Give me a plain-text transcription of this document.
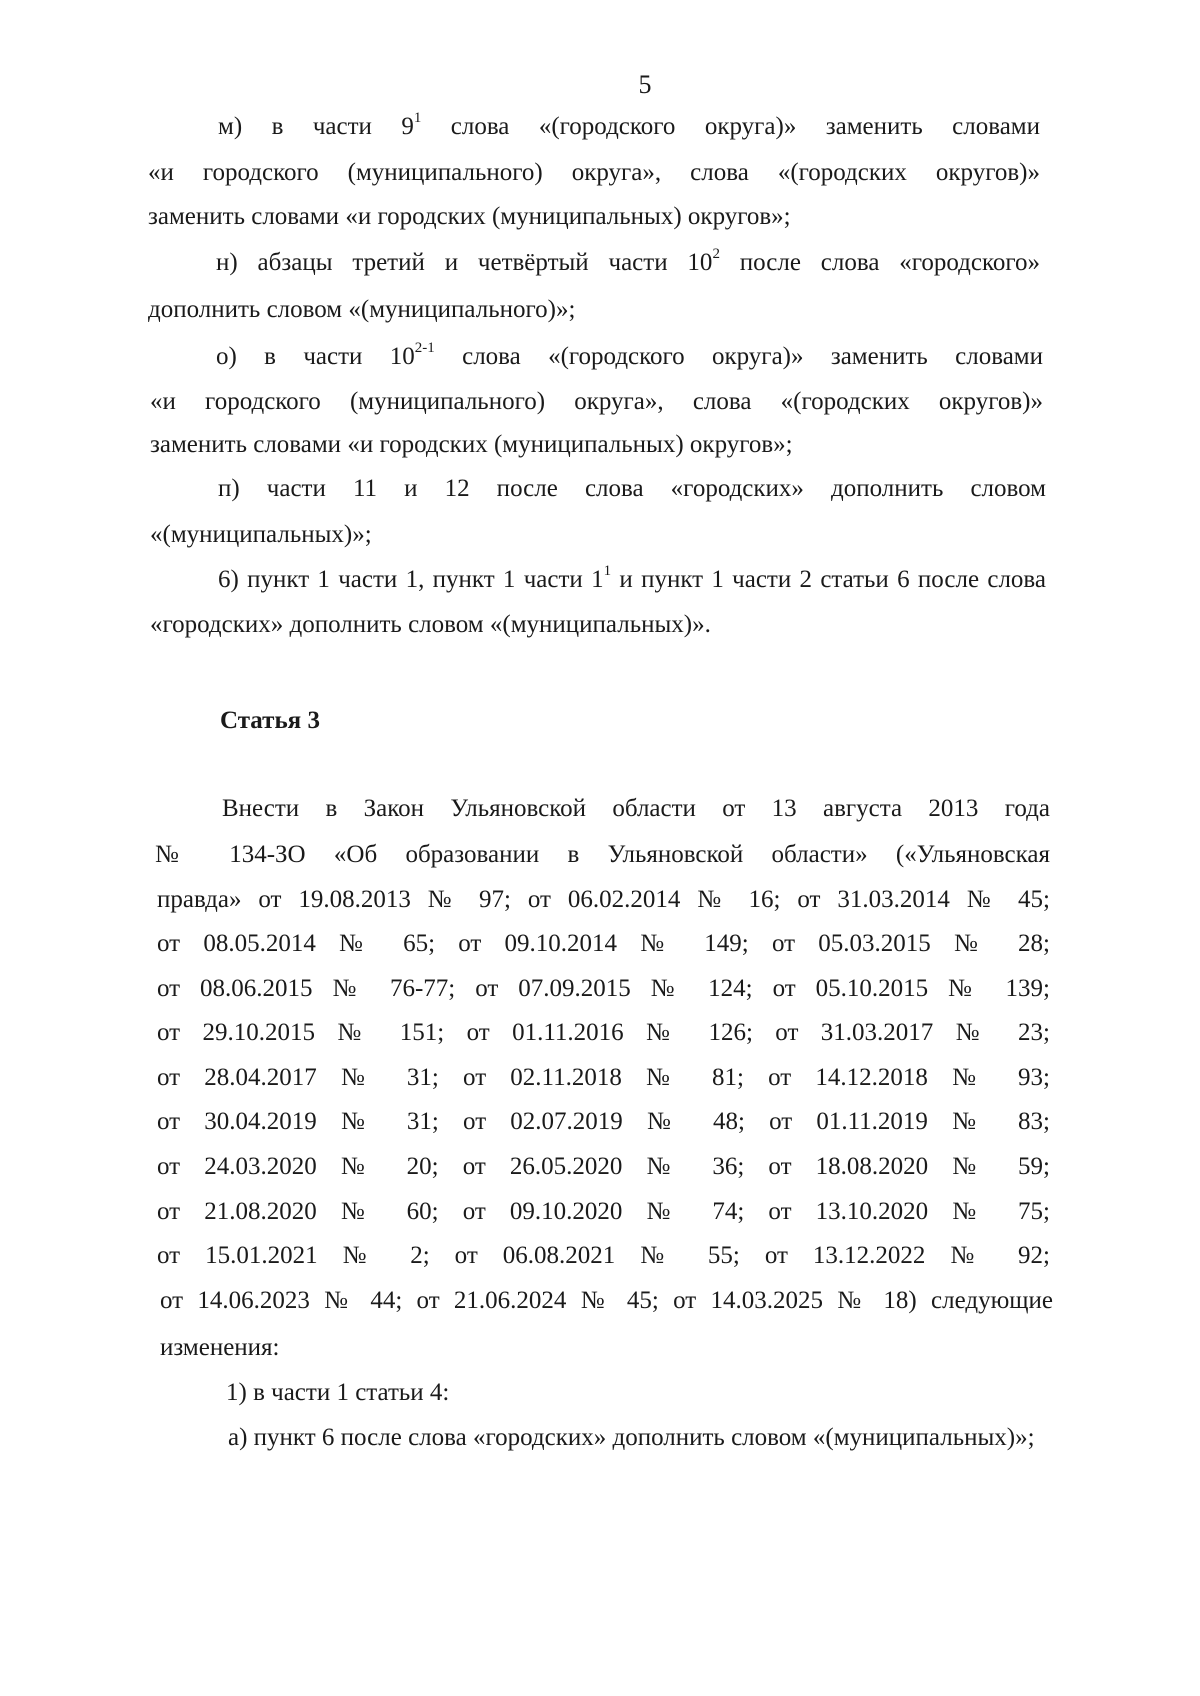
5
м) в части $9^1$ слова «(городского округа)» заменить словами
«и городского (муниципального) округа», слова «(городских округов)»
заменить словами «и городских (муниципальных) округов»;
н) абзацы третий и четвёртый части $10^2$ после слова «городского»
дополнить словом «(муниципального)»;
о) в части 10$^{2-1}$ слова «(городского округа)» заменить словами
«и городского (муниципального) округа», слова «(городских округов)»
заменить словами «и городских (муниципальных) округов»;
п) части 11 и 12 после слова «городских» дополнить словом
«(муниципальных)»;
6) пункт 1 части 1, пункт 1 части $1^1$ и пункт 1 части 2 статьи 6 после слова
«городских» дополнить словом «(муниципальных)».
Статья 3
Внести в Закон Ульяновской области от 13 августа 2013 года
№ 134-ЗО «Об образовании в Ульяновской области» («Ульяновская
правда» от 19.08.2013 № 97; от 06.02.2014 № 16; от 31.03.2014 № 45;
от 08.05.2014 № 65; от 09.10.2014 № 149; от 05.03.2015 № 28;
от 08.06.2015 № 76-77; от 07.09.2015 № 124; от 05.10.2015 № 139;
от 29.10.2015 № 151; от 01.11.2016 № 126; от 31.03.2017 № 23;
от 28.04.2017 № 31; от 02.11.2018 № 81; от 14.12.2018 № 93;
от 30.04.2019 № 31; от 02.07.2019 № 48; от 01.11.2019 № 83;
от 24.03.2020 № 20; от 26.05.2020 № 36; от 18.08.2020 № 59;
от 21.08.2020 № 60; от 09.10.2020 № 74; от 13.10.2020 № 75;
от 15.01.2021 № 2; от 06.08.2021 № 55; от 13.12.2022 № 92;
от 14.06.2023 № 44; от 21.06.2024 № 45; от 14.03.2025 № 18) следующие
изменения:
1) в части 1 статьи 4:
а) пункт 6 после слова «городских» дополнить словом «(муниципальных)»;
